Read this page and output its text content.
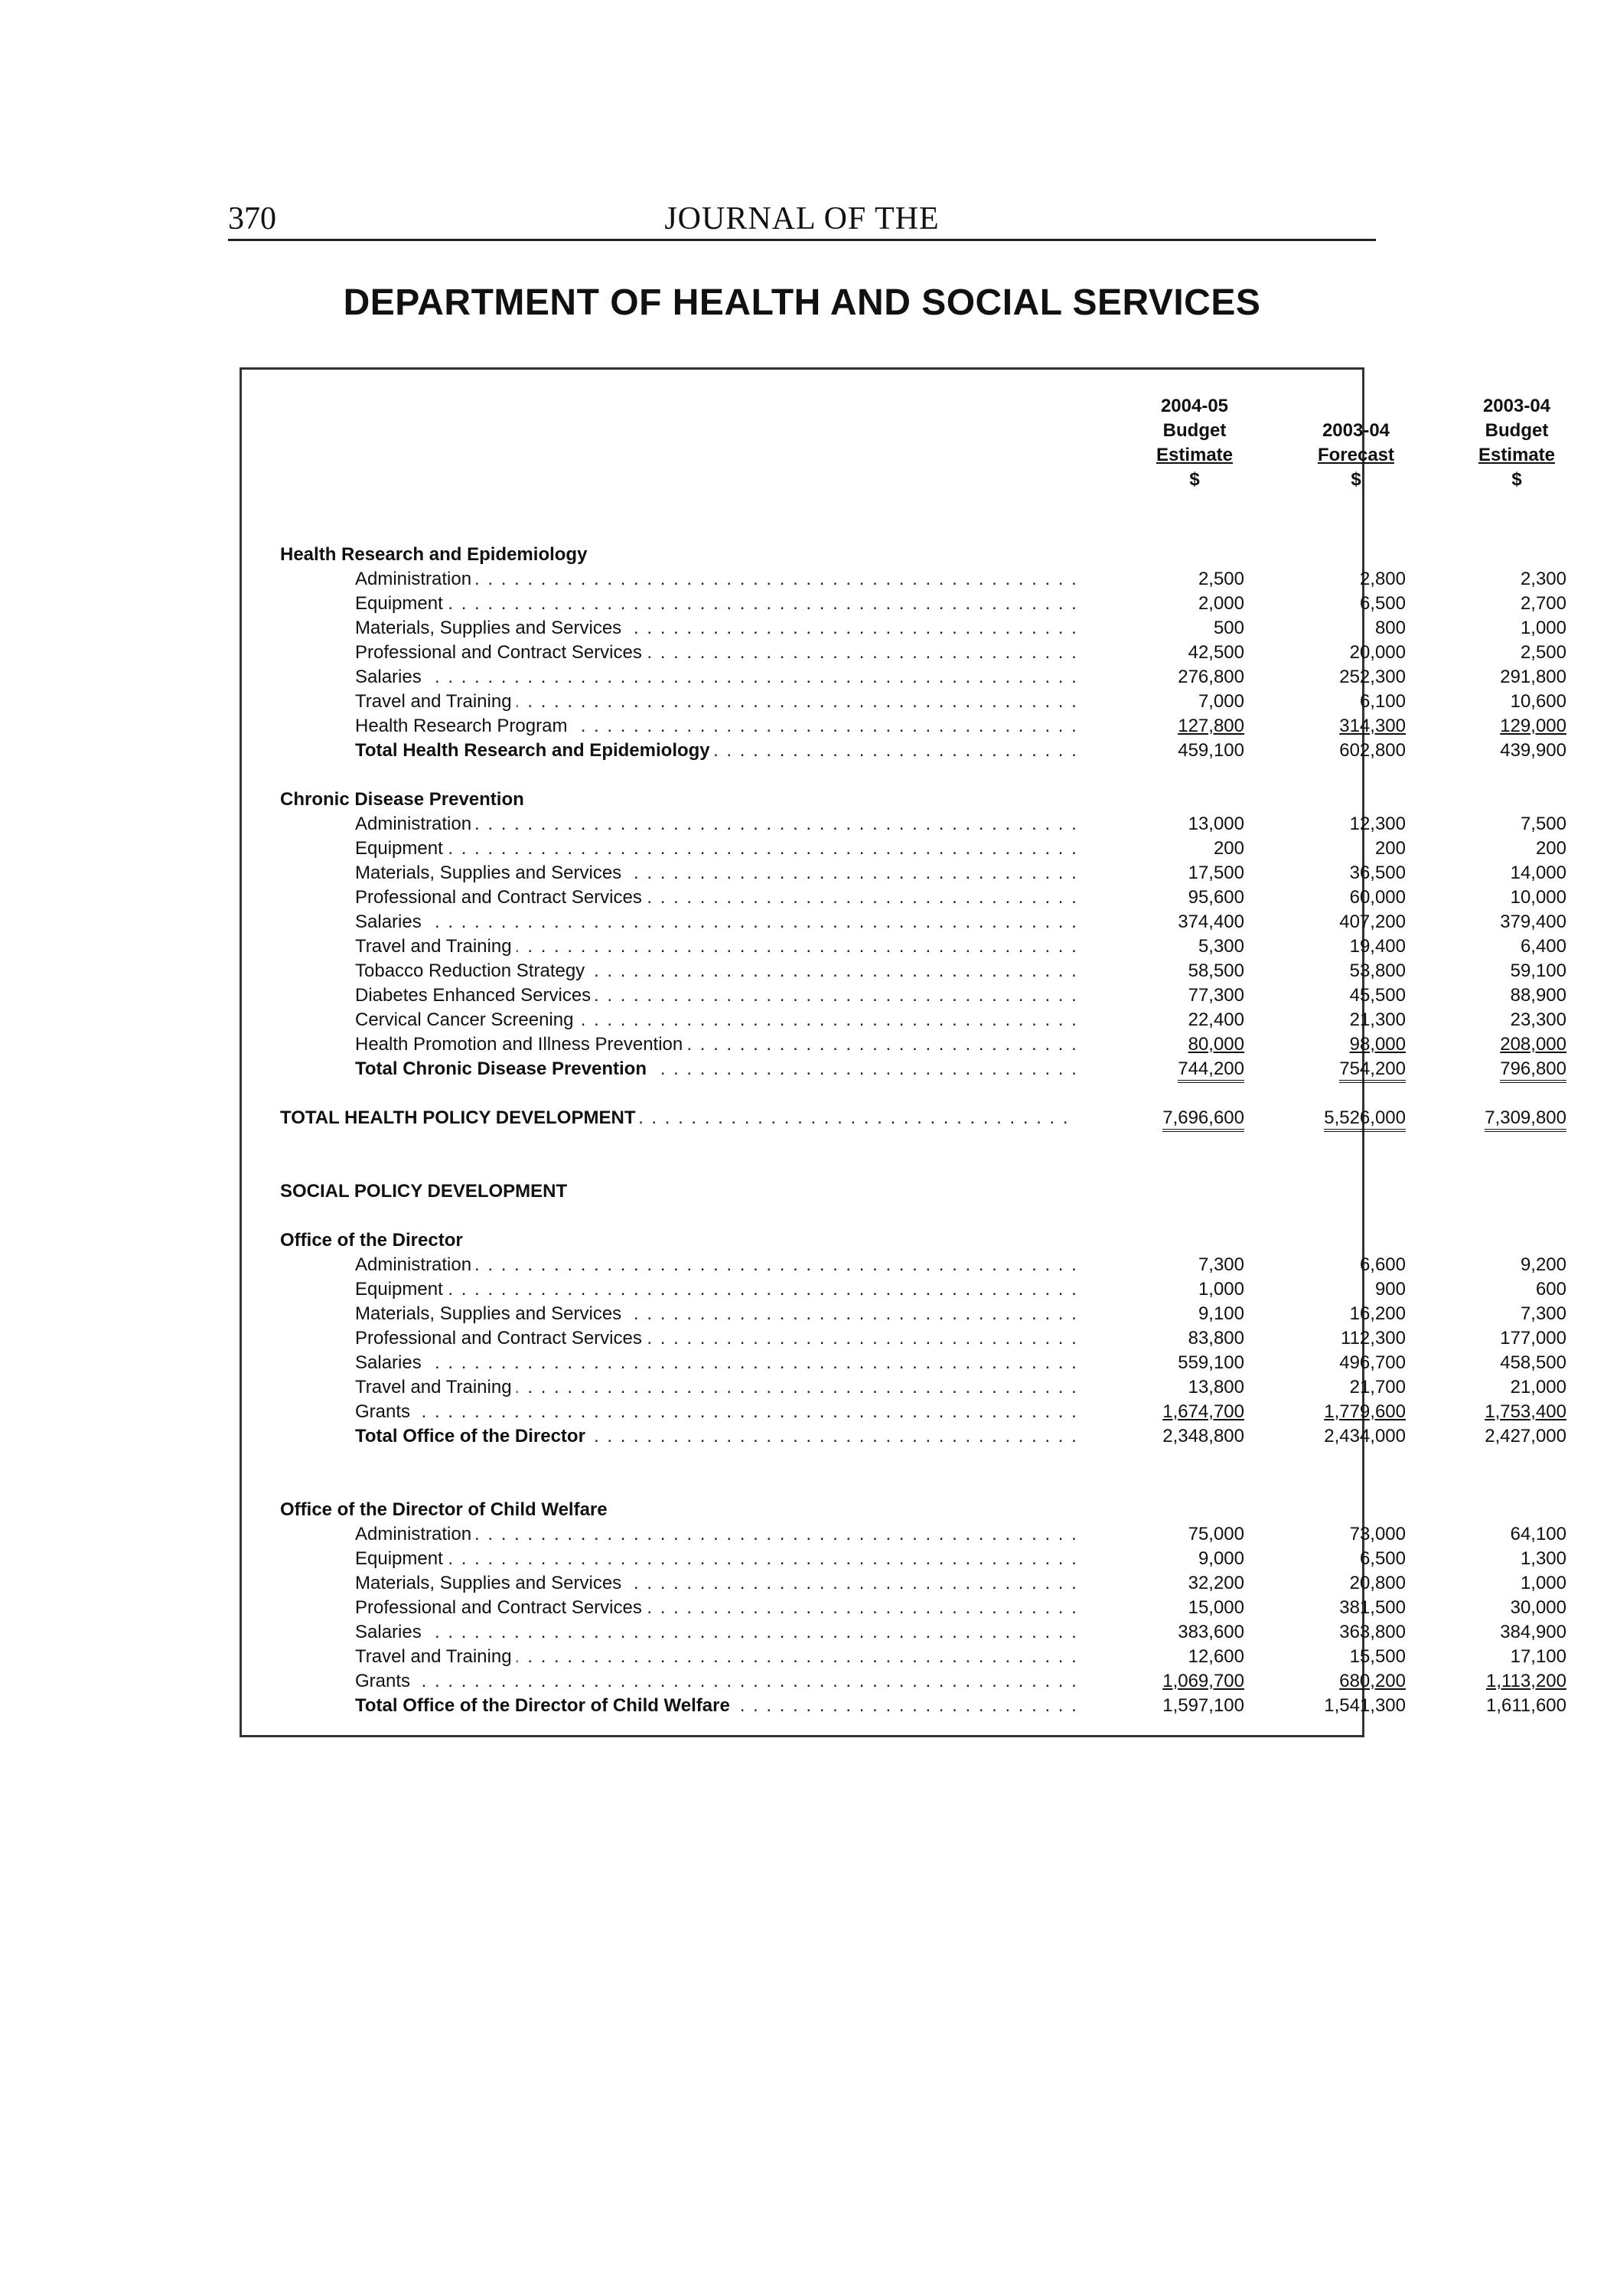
370	JOURNAL OF THE
DEPARTMENT OF HEALTH AND SOCIAL SERVICES
2004-05
Budget
Estimate
$
2003-04
Forecast
$
2003-04
Budget
Estimate
$
Health Research and Epidemiology
Administration . . .	2,500	2,800	2,300
Equipment . . .	2,000	6,500	2,700
Materials, Supplies and Services . . .	500	800	1,000
Professional and Contract Services . . .	42,500	20,000	2,500
Salaries . . .	276,800	252,300	291,800
Travel and Training . . .	7,000	6,100	10,600
Health Research Program . . .	127,800	314,300	129,000
Total Health Research and Epidemiology . . .	459,100	602,800	439,900
Chronic Disease Prevention
Administration . . .	13,000	12,300	7,500
Equipment . . .	200	200	200
Materials, Supplies and Services . . .	17,500	36,500	14,000
Professional and Contract Services . . .	95,600	60,000	10,000
Salaries . . .	374,400	407,200	379,400
Travel and Training . . .	5,300	19,400	6,400
Tobacco Reduction Strategy . . .	58,500	53,800	59,100
Diabetes Enhanced Services . . .	77,300	45,500	88,900
Cervical Cancer Screening . . .	22,400	21,300	23,300
Health Promotion and Illness Prevention . . .	80,000	98,000	208,000
Total Chronic Disease Prevention . . .	744,200	754,200	796,800
TOTAL HEALTH POLICY DEVELOPMENT . . .	7,696,600	5,526,000	7,309,800
SOCIAL POLICY DEVELOPMENT
Office of the Director
Administration . . .	7,300	6,600	9,200
Equipment . . .	1,000	900	600
Materials, Supplies and Services . . .	9,100	16,200	7,300
Professional and Contract Services . . .	83,800	112,300	177,000
Salaries . . .	559,100	496,700	458,500
Travel and Training . . .	13,800	21,700	21,000
Grants . . .	1,674,700	1,779,600	1,753,400
Total Office of the Director . . .	2,348,800	2,434,000	2,427,000
Office of the Director of Child Welfare
Administration . . .	75,000	73,000	64,100
Equipment . . .	9,000	6,500	1,300
Materials, Supplies and Services . . .	32,200	20,800	1,000
Professional and Contract Services . . .	15,000	381,500	30,000
Salaries . . .	383,600	363,800	384,900
Travel and Training . . .	12,600	15,500	17,100
Grants . . .	1,069,700	680,200	1,113,200
Total Office of the Director of Child Welfare . . .	1,597,100	1,541,300	1,611,600
